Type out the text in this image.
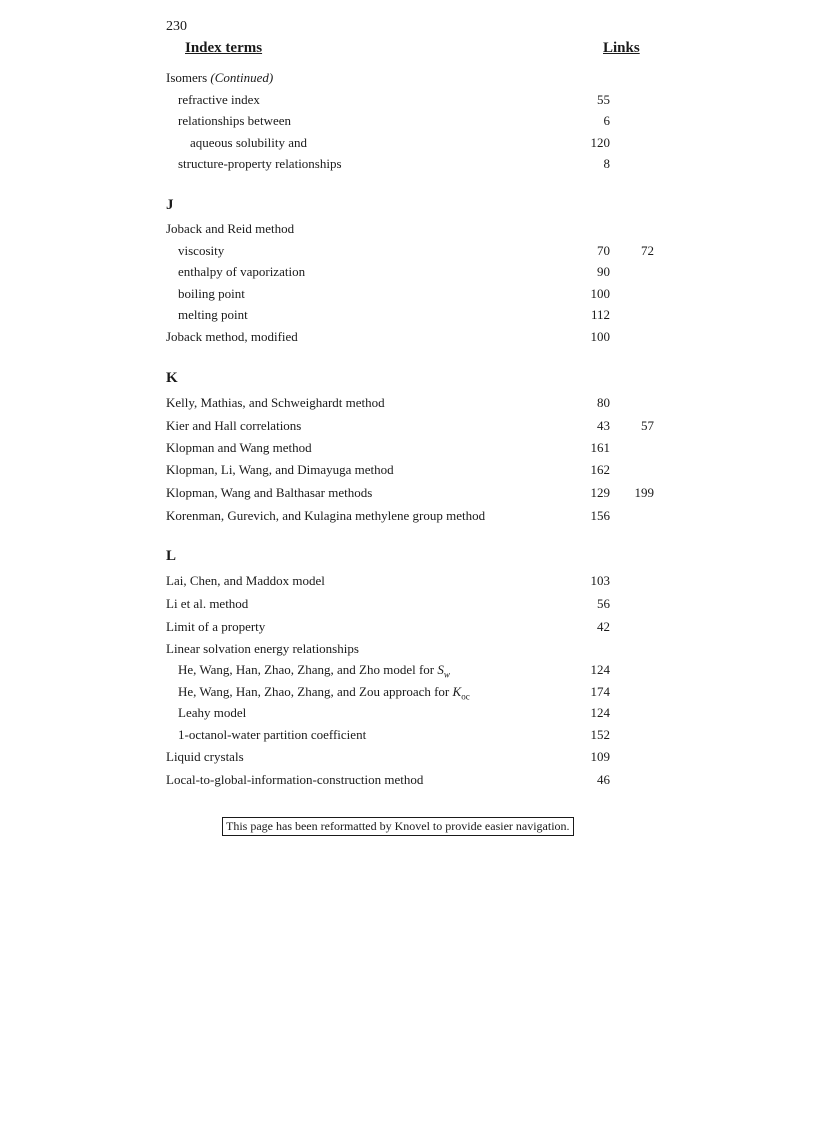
230
Index terms	Links
Isomers (Continued)
refractive index	55
relationships between	6
aqueous solubility and	120
structure-property relationships	8
J
Joback and Reid method
viscosity	70 72
enthalpy of vaporization	90
boiling point	100
melting point	112
Joback method, modified	100
K
Kelly, Mathias, and Schweighardt method	80
Kier and Hall correlations	43 57
Klopman and Wang method	161
Klopman, Li, Wang, and Dimayuga method	162
Klopman, Wang and Balthasar methods	129 199
Korenman, Gurevich, and Kulagina methylene group method	156
L
Lai, Chen, and Maddox model	103
Li et al. method	56
Limit of a property	42
Linear solvation energy relationships
He, Wang, Han, Zhao, Zhang, and Zho model for $S_w$	124
He, Wang, Han, Zhao, Zhang, and Zou approach for $K_{oc}$	174
Leahy model	124
1-octanol-water partition coefficient	152
Liquid crystals	109
Local-to-global-information-construction method	46
This page has been reformatted by Knovel to provide easier navigation.
